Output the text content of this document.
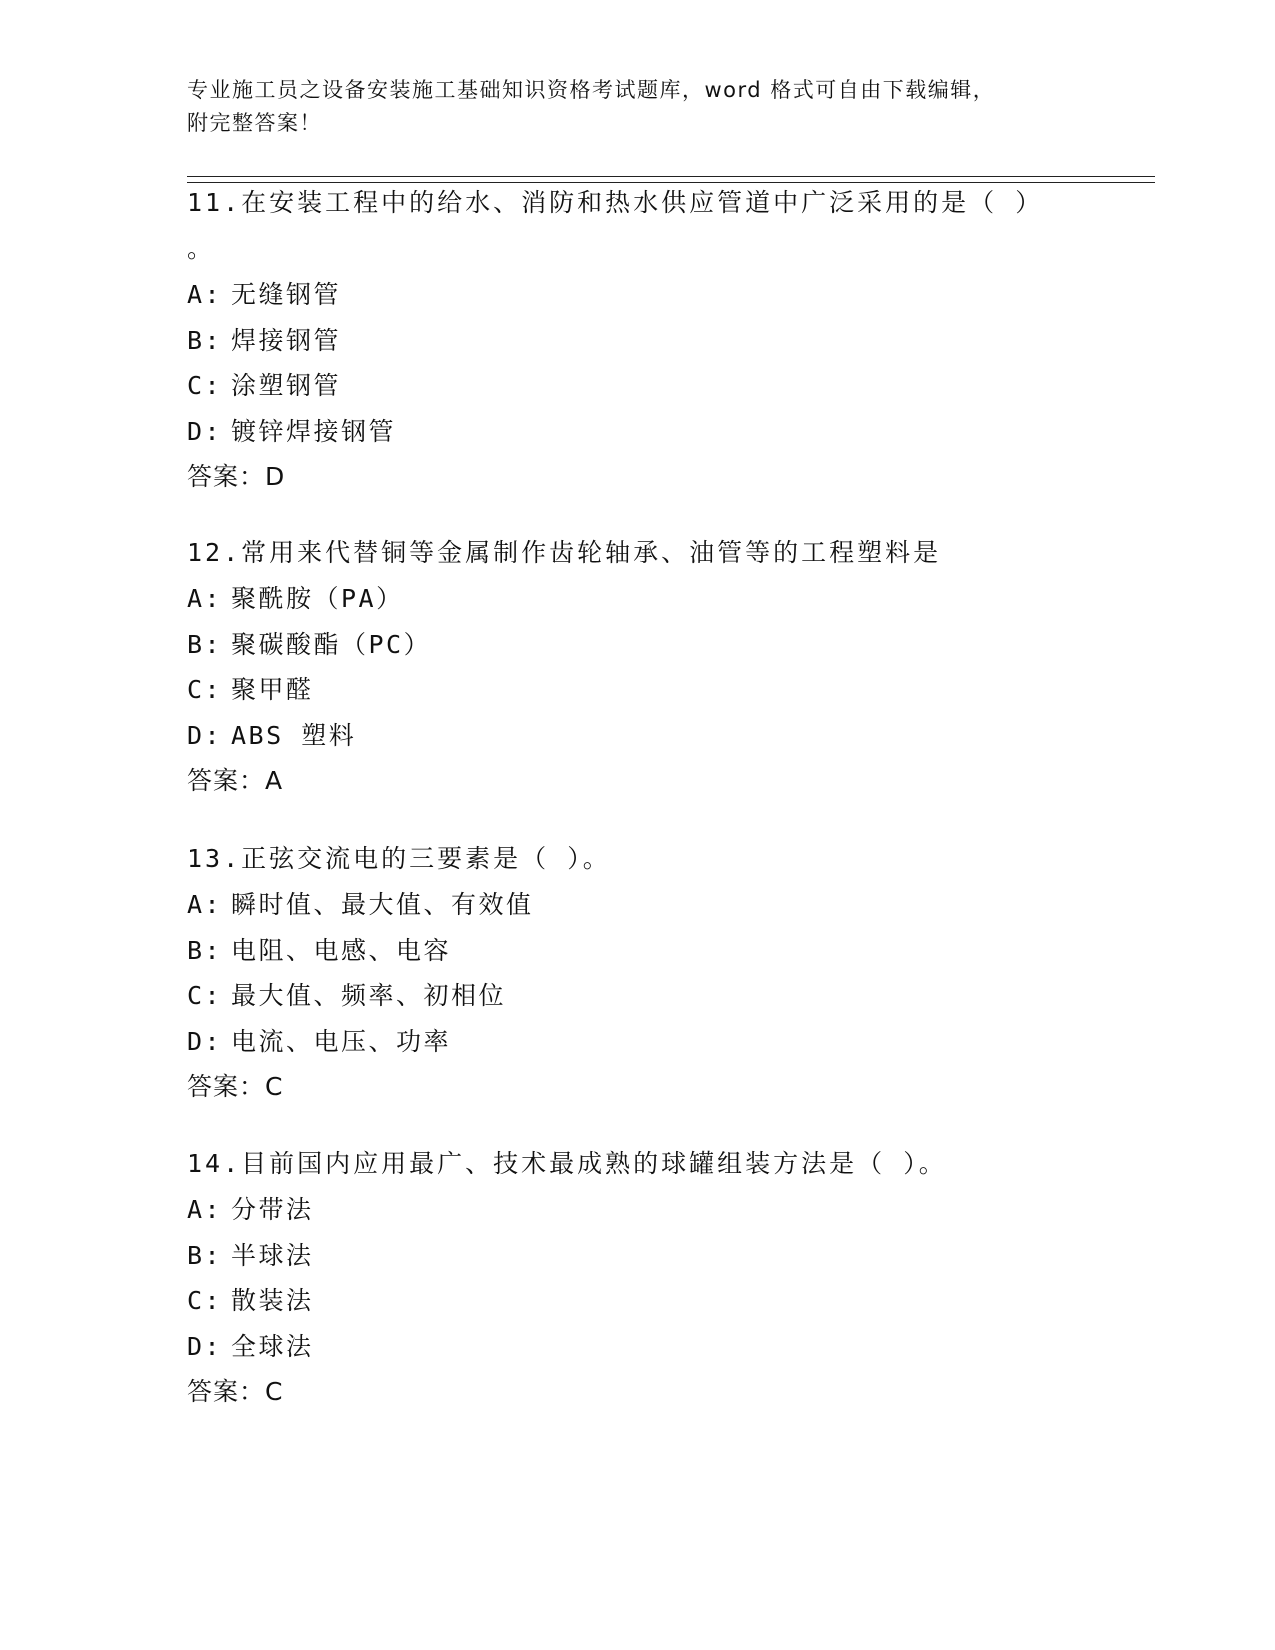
专业施工员之设备安装施工基础知识资格考试题库，word 格式可自由下载编辑，
附完整答案！
11.在安装工程中的给水、消防和热水供应管道中广泛采用的是（ ）
。
A: 无缝钢管
B: 焊接钢管
C: 涂塑钢管
D: 镀锌焊接钢管
答案：D
12.常用来代替铜等金属制作齿轮轴承、油管等的工程塑料是
A: 聚酰胺（PA）
B: 聚碳酸酯（PC）
C: 聚甲醛
D: ABS 塑料
答案：A
13.正弦交流电的三要素是（ ）。
A: 瞬时值、最大值、有效值
B: 电阻、电感、电容
C: 最大值、频率、初相位
D: 电流、电压、功率
答案：C
14.目前国内应用最广、技术最成熟的球罐组装方法是（ ）。
A: 分带法
B: 半球法
C: 散装法
D: 全球法
答案：C
